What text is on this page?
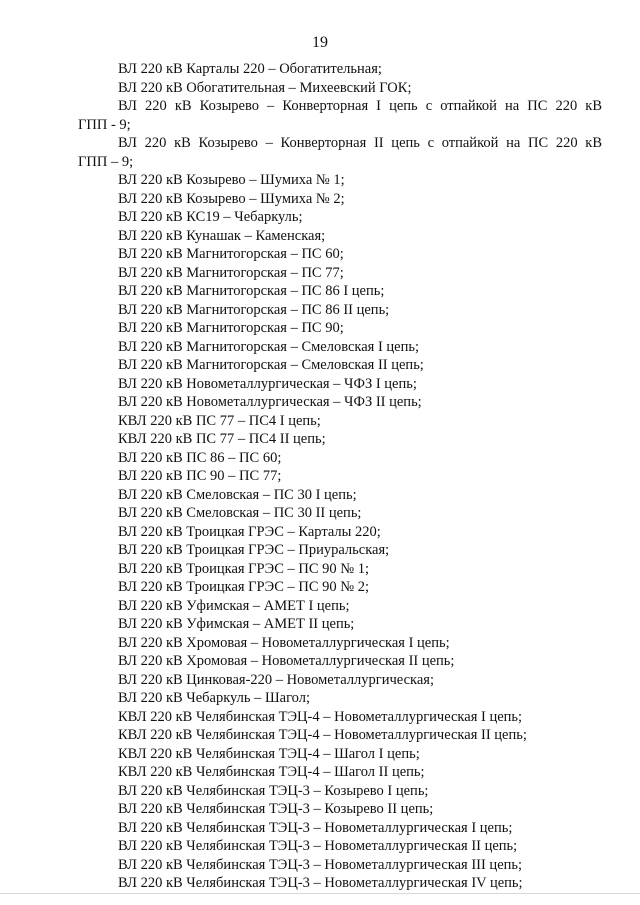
19

ВЛ 220 кВ Карталы 220 – Обогатительная;

ВЛ 220 кВ Обогатительная – Михеевский ГОК;

ВЛ 220 кВ Козырево – Конверторная I цепь с отпайкой на ПС 220 кВ

ГПП - 9;

ВЛ 220 кВ Козырево – Конверторная II цепь с отпайкой на ПС 220 кВ

ГПП – 9;

ВЛ 220 кВ Козырево – Шумиха № 1;

ВЛ 220 кВ Козырево – Шумиха № 2;

ВЛ 220 кВ КС19 – Чебаркуль;

ВЛ 220 кВ Кунашак – Каменская;

ВЛ 220 кВ Магнитогорская – ПС 60;

ВЛ 220 кВ Магнитогорская – ПС 77;

ВЛ 220 кВ Магнитогорская – ПС 86 I цепь;

ВЛ 220 кВ Магнитогорская – ПС 86 II цепь;

ВЛ 220 кВ Магнитогорская – ПС 90;

ВЛ 220 кВ Магнитогорская – Смеловская I цепь;

ВЛ 220 кВ Магнитогорская – Смеловская II цепь;

ВЛ 220 кВ Новометаллургическая – ЧФЗ I цепь;

ВЛ 220 кВ Новометаллургическая – ЧФЗ II цепь;

КВЛ 220 кВ ПС 77 – ПС4 I цепь;

КВЛ 220 кВ ПС 77 – ПС4 II цепь;

ВЛ 220 кВ ПС 86 – ПС 60;

ВЛ 220 кВ ПС 90 – ПС 77;

ВЛ 220 кВ Смеловская – ПС 30 I цепь;

ВЛ 220 кВ Смеловская – ПС 30 II цепь;

ВЛ 220 кВ Троицкая ГРЭС – Карталы 220;

ВЛ 220 кВ Троицкая ГРЭС – Приуральская;

ВЛ 220 кВ Троицкая ГРЭС – ПС 90 № 1;

ВЛ 220 кВ Троицкая ГРЭС – ПС 90 № 2;

ВЛ 220 кВ Уфимская – АМЕТ I цепь;

ВЛ 220 кВ Уфимская – АМЕТ II цепь;

ВЛ 220 кВ Хромовая – Новометаллургическая I цепь;

ВЛ 220 кВ Хромовая – Новометаллургическая II цепь;

ВЛ 220 кВ Цинковая-220 – Новометаллургическая;

ВЛ 220 кВ Чебаркуль – Шагол;

КВЛ 220 кВ Челябинская ТЭЦ-4 – Новометаллургическая I цепь;

КВЛ 220 кВ Челябинская ТЭЦ-4 – Новометаллургическая II цепь;

КВЛ 220 кВ Челябинская ТЭЦ-4 – Шагол I цепь;

КВЛ 220 кВ Челябинская ТЭЦ-4 – Шагол II цепь;

ВЛ 220 кВ Челябинская ТЭЦ-3 – Козырево I цепь;

ВЛ 220 кВ Челябинская ТЭЦ-3 – Козырево II цепь;

ВЛ 220 кВ Челябинская ТЭЦ-3 – Новометаллургическая I цепь;

ВЛ 220 кВ Челябинская ТЭЦ-3 – Новометаллургическая II цепь;

ВЛ 220 кВ Челябинская ТЭЦ-3 – Новометаллургическая III цепь;

ВЛ 220 кВ Челябинская ТЭЦ-3 – Новометаллургическая IV цепь;
